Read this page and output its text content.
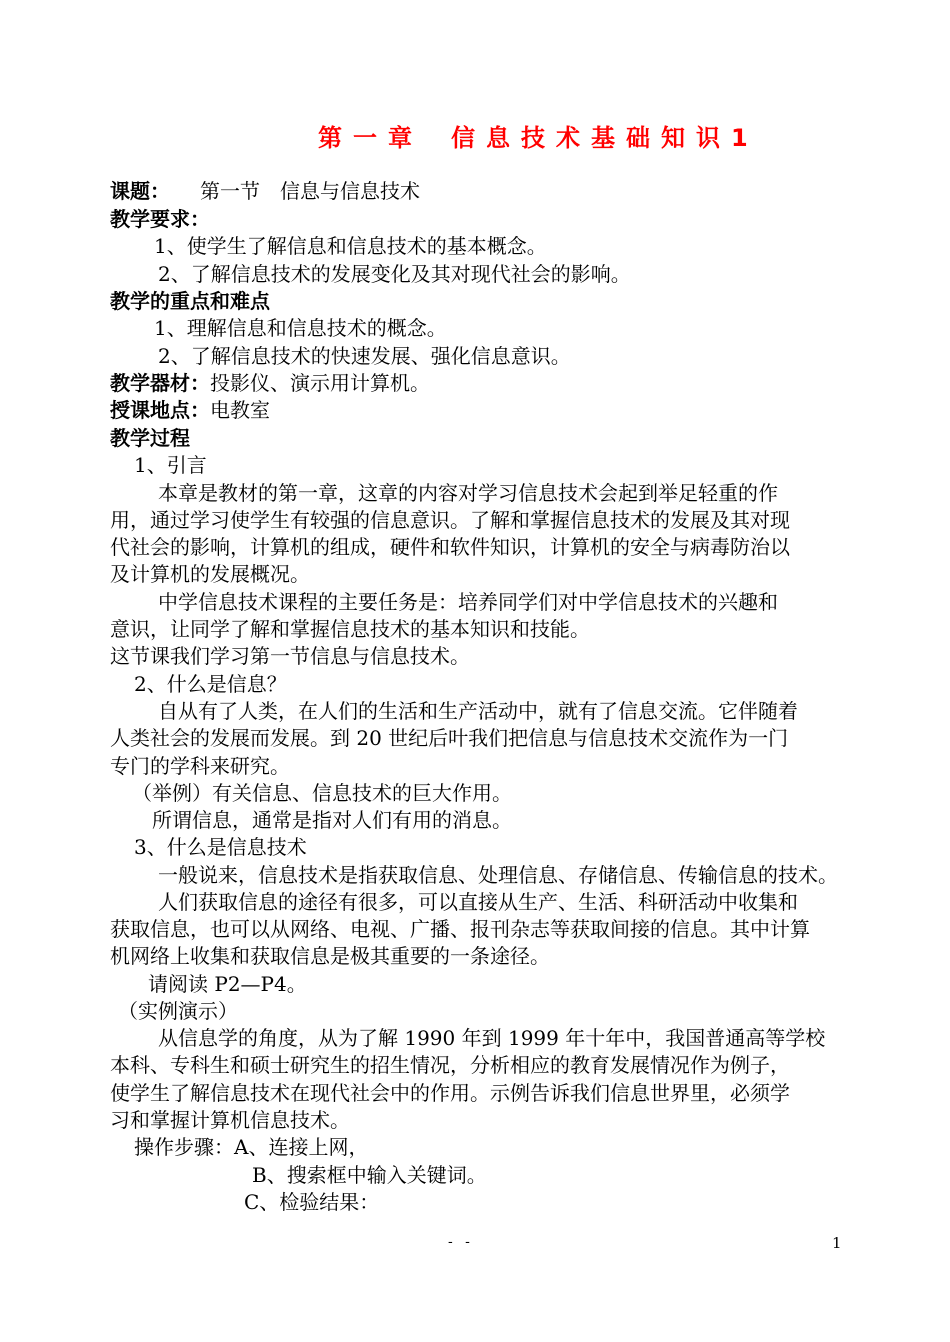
第一章 信息技术基础知识1
课题： 第一节　信息与信息技术
教学要求：
1、使学生了解信息和信息技术的基本概念。
2、了解信息技术的发展变化及其对现代社会的影响。
教学的重点和难点
1、理解信息和信息技术的概念。
2、了解信息技术的快速发展、强化信息意识。
教学器材：投影仪、演示用计算机。
授课地点：电教室
教学过程
1、引言
本章是教材的第一章，这章的内容对学习信息技术会起到举足轻重的作
用，通过学习使学生有较强的信息意识。了解和掌握信息技术的发展及其对现
代社会的影响，计算机的组成，硬件和软件知识，计算机的安全与病毒防治以
及计算机的发展概况。
中学信息技术课程的主要任务是：培养同学们对中学信息技术的兴趣和
意识，让同学了解和掌握信息技术的基本知识和技能。
这节课我们学习第一节信息与信息技术。
2、什么是信息？
自从有了人类，在人们的生活和生产活动中，就有了信息交流。它伴随着
人类社会的发展而发展。到 20 世纪后叶我们把信息与信息技术交流作为一门
专门的学科来研究。
（举例）有关信息、信息技术的巨大作用。
所谓信息，通常是指对人们有用的消息。
3、什么是信息技术
一般说来，信息技术是指获取信息、处理信息、存储信息、传输信息的技术。
人们获取信息的途径有很多，可以直接从生产、生活、科研活动中收集和
获取信息，也可以从网络、电视、广播、报刊杂志等获取间接的信息。其中计算
机网络上收集和获取信息是极其重要的一条途径。
请阅读 P2—P4。
（实例演示）
从信息学的角度，从为了解 1990 年到 1999 年十年中，我国普通高等学校
本科、专科生和硕士研究生的招生情况，分析相应的教育发展情况作为例子，
使学生了解信息技术在现代社会中的作用。示例告诉我们信息世界里，必须学
习和掌握计算机信息技术。
操作步骤：A、连接上网，
B、搜索框中输入关键词。
C、检验结果：
- -	1
